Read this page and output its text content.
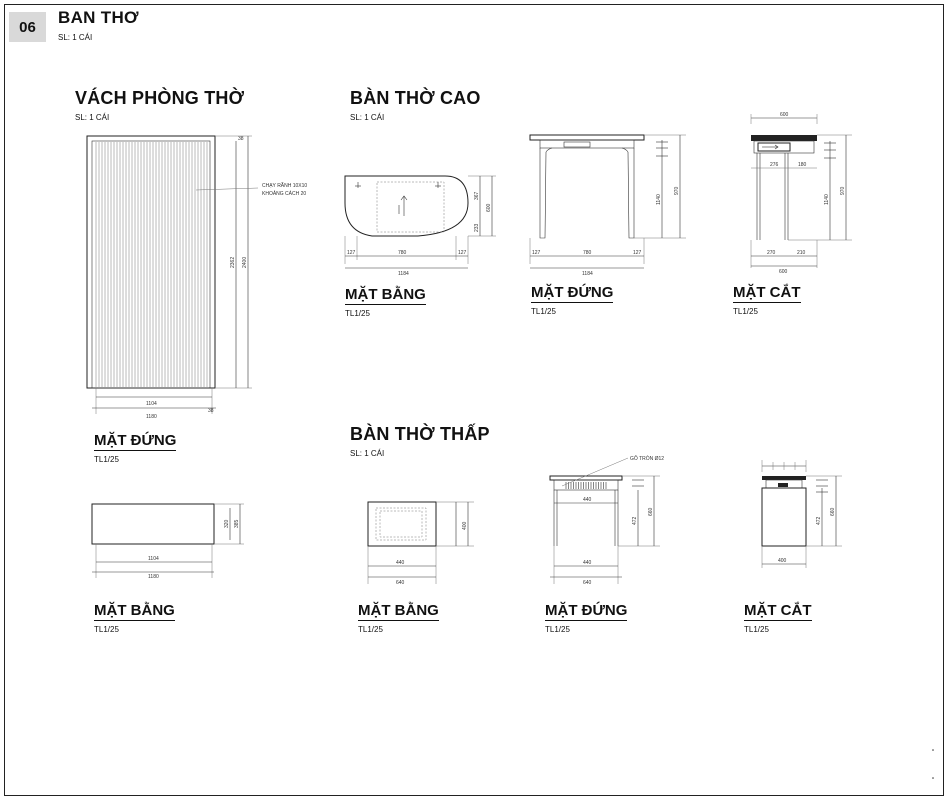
06	BAN THƠ
SL: 1 CÁI
VÁCH PHÒNG THỜ
SL: 1 CÁI
BÀN THỜ CAO
SL: 1 CÁI
BÀN THỜ THẤP
SL: 1 CÁI
MẶT ĐỨNG
TL1/25
MẶT BẰNG
TL1/25
MẶT BẰNG
TL1/25
MẶT ĐỨNG
TL1/25
MẶT CẮT
TL1/25
MẶT BẰNG
TL1/25
MẶT ĐỨNG
TL1/25
MẶT CẮT
TL1/25
1104
1180
2362 2400
38
38
CHẠY RÃNH 10X10
KHOẢNG CÁCH 20
1104
1180
320 385
127	780	127
1184
367
600
233
127	780	127
1184
1140
970
600
276	180
1140
970
270	210
600
440
640
400
GỖ TRÒN Ø12
440
440
640
472
660
400
472
660
